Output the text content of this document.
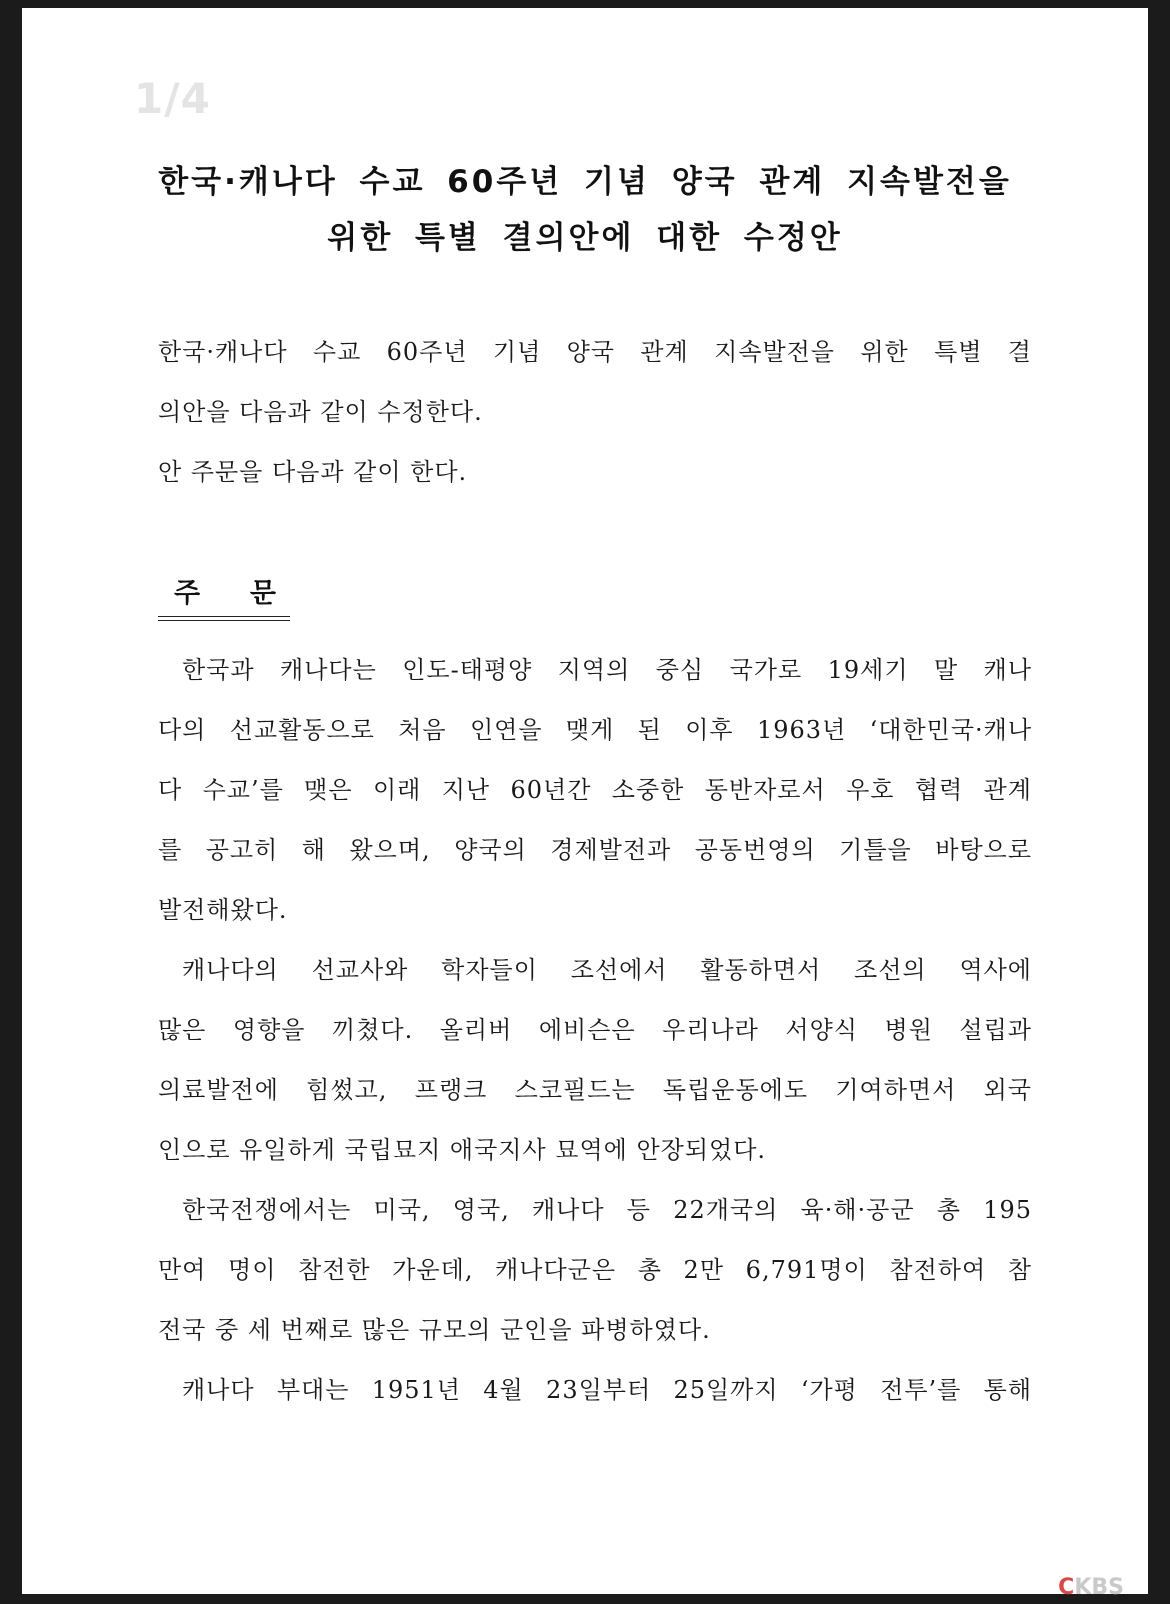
1/4
한국·캐나다 수교 60주년 기념 양국 관계 지속발전을
위한 특별 결의안에 대한 수정안
한국·캐나다 수교 60주년 기념 양국 관계 지속발전을 위한 특별 결
의안을 다음과 같이 수정한다.
안 주문을 다음과 같이 한다.
주 문
한국과 캐나다는 인도-태평양 지역의 중심 국가로 19세기 말 캐나
다의 선교활동으로 처음 인연을 맺게 된 이후 1963년 ‘대한민국·캐나
다 수교’를 맺은 이래 지난 60년간 소중한 동반자로서 우호 협력 관계
를 공고히 해 왔으며, 양국의 경제발전과 공동번영의 기틀을 바탕으로
발전해왔다.
캐나다의 선교사와 학자들이 조선에서 활동하면서 조선의 역사에
많은 영향을 끼쳤다. 올리버 에비슨은 우리나라 서양식 병원 설립과
의료발전에 힘썼고, 프랭크 스코필드는 독립운동에도 기여하면서 외국
인으로 유일하게 국립묘지 애국지사 묘역에 안장되었다.
한국전쟁에서는 미국, 영국, 캐나다 등 22개국의 육·해·공군 총 195
만여 명이 참전한 가운데, 캐나다군은 총 2만 6,791명이 참전하여 참
전국 중 세 번째로 많은 규모의 군인을 파병하였다.
캐나다 부대는 1951년 4월 23일부터 25일까지 ‘가평 전투’를 통해
CKBS
